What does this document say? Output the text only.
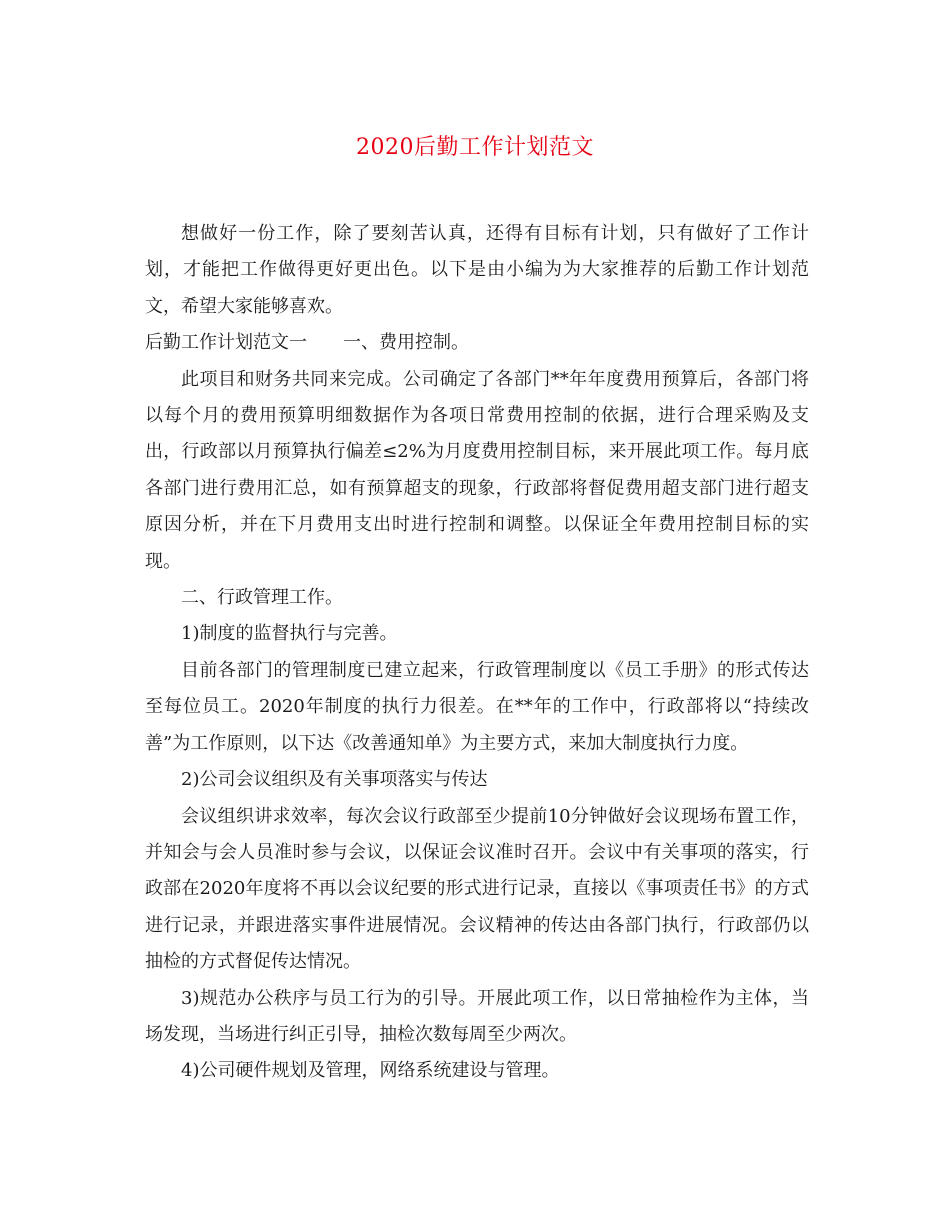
2020后勤工作计划范文

想做好一份工作，除了要刻苦认真，还得有目标有计划，只有做好了工作计划，才能把工作做得更好更出色。以下是由小编为为大家推荐的后勤工作计划范文，希望大家能够喜欢。

后勤工作计划范文一　　一、费用控制。

此项目和财务共同来完成。公司确定了各部门**年年度费用预算后，各部门将以每个月的费用预算明细数据作为各项日常费用控制的依据，进行合理采购及支出，行政部以月预算执行偏差≤2%为月度费用控制目标，来开展此项工作。每月底各部门进行费用汇总，如有预算超支的现象，行政部将督促费用超支部门进行超支原因分析，并在下月费用支出时进行控制和调整。以保证全年费用控制目标的实现。

二、行政管理工作。

1)制度的监督执行与完善。

目前各部门的管理制度已建立起来，行政管理制度以《员工手册》的形式传达至每位员工。2020年制度的执行力很差。在**年的工作中，行政部将以“持续改善”为工作原则，以下达《改善通知单》为主要方式，来加大制度执行力度。

2)公司会议组织及有关事项落实与传达

会议组织讲求效率，每次会议行政部至少提前10分钟做好会议现场布置工作，并知会与会人员准时参与会议，以保证会议准时召开。会议中有关事项的落实，行政部在2020年度将不再以会议纪要的形式进行记录，直接以《事项责任书》的方式进行记录，并跟进落实事件进展情况。会议精神的传达由各部门执行，行政部仍以抽检的方式督促传达情况。

3)规范办公秩序与员工行为的引导。开展此项工作，以日常抽检作为主体，当场发现，当场进行纠正引导，抽检次数每周至少两次。

4)公司硬件规划及管理，网络系统建设与管理。
